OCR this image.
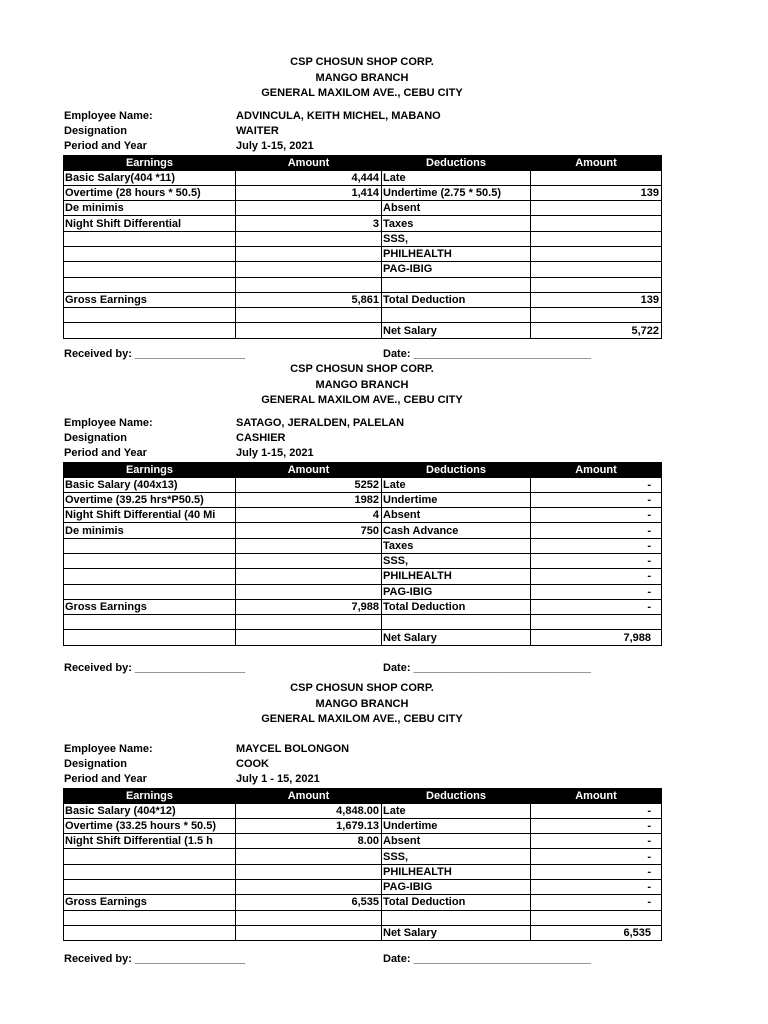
CSP CHOSUN SHOP CORP.
MANGO BRANCH
GENERAL MAXILOM AVE., CEBU CITY
Employee Name:	ADVINCULA, KEITH MICHEL, MABANO
Designation	WAITER
Period and Year	July 1-15, 2021
Earnings	Amount	Deductions	Amount
Basic Salary(404 *11)	4,444	Late	
Overtime (28 hours * 50.5)	1,414	Undertime (2.75 * 50.5)	139
De minimis		Absent	
Night Shift Differential	3	Taxes	
		SSS,	
		PHILHEALTH	
		PAG-IBIG	

Gross Earnings	5,861	Total Deduction	139

		Net Salary	5,722
Received by: __________________	Date: _____________________________
CSP CHOSUN SHOP CORP.
MANGO BRANCH
GENERAL MAXILOM AVE., CEBU CITY
Employee Name:	SATAGO, JERALDEN, PALELAN
Designation	CASHIER
Period and Year	July 1-15, 2021
Earnings	Amount	Deductions	Amount
Basic Salary (404x13)	5252	Late	-
Overtime (39.25 hrs*P50.5)	1982	Undertime	-
Night Shift Differential (40 Mi	4	Absent	-
De minimis	750	Cash Advance	-
		Taxes	-
		SSS,	-
		PHILHEALTH	-
		PAG-IBIG	-
Gross Earnings	7,988	Total Deduction	-

		Net Salary	7,988
Received by: __________________	Date: _____________________________
CSP CHOSUN SHOP CORP.
MANGO BRANCH
GENERAL MAXILOM AVE., CEBU CITY
Employee Name:	MAYCEL BOLONGON
Designation	COOK
Period and Year	July 1 - 15, 2021
Earnings	Amount	Deductions	Amount
Basic Salary (404*12)	4,848.00	Late	-
Overtime (33.25 hours * 50.5)	1,679.13	Undertime	-
Night Shift Differential (1.5 h	8.00	Absent	-
		SSS,	-
		PHILHEALTH	-
		PAG-IBIG	-
Gross Earnings	6,535	Total Deduction	-

		Net Salary	6,535
Received by: __________________	Date: _____________________________
